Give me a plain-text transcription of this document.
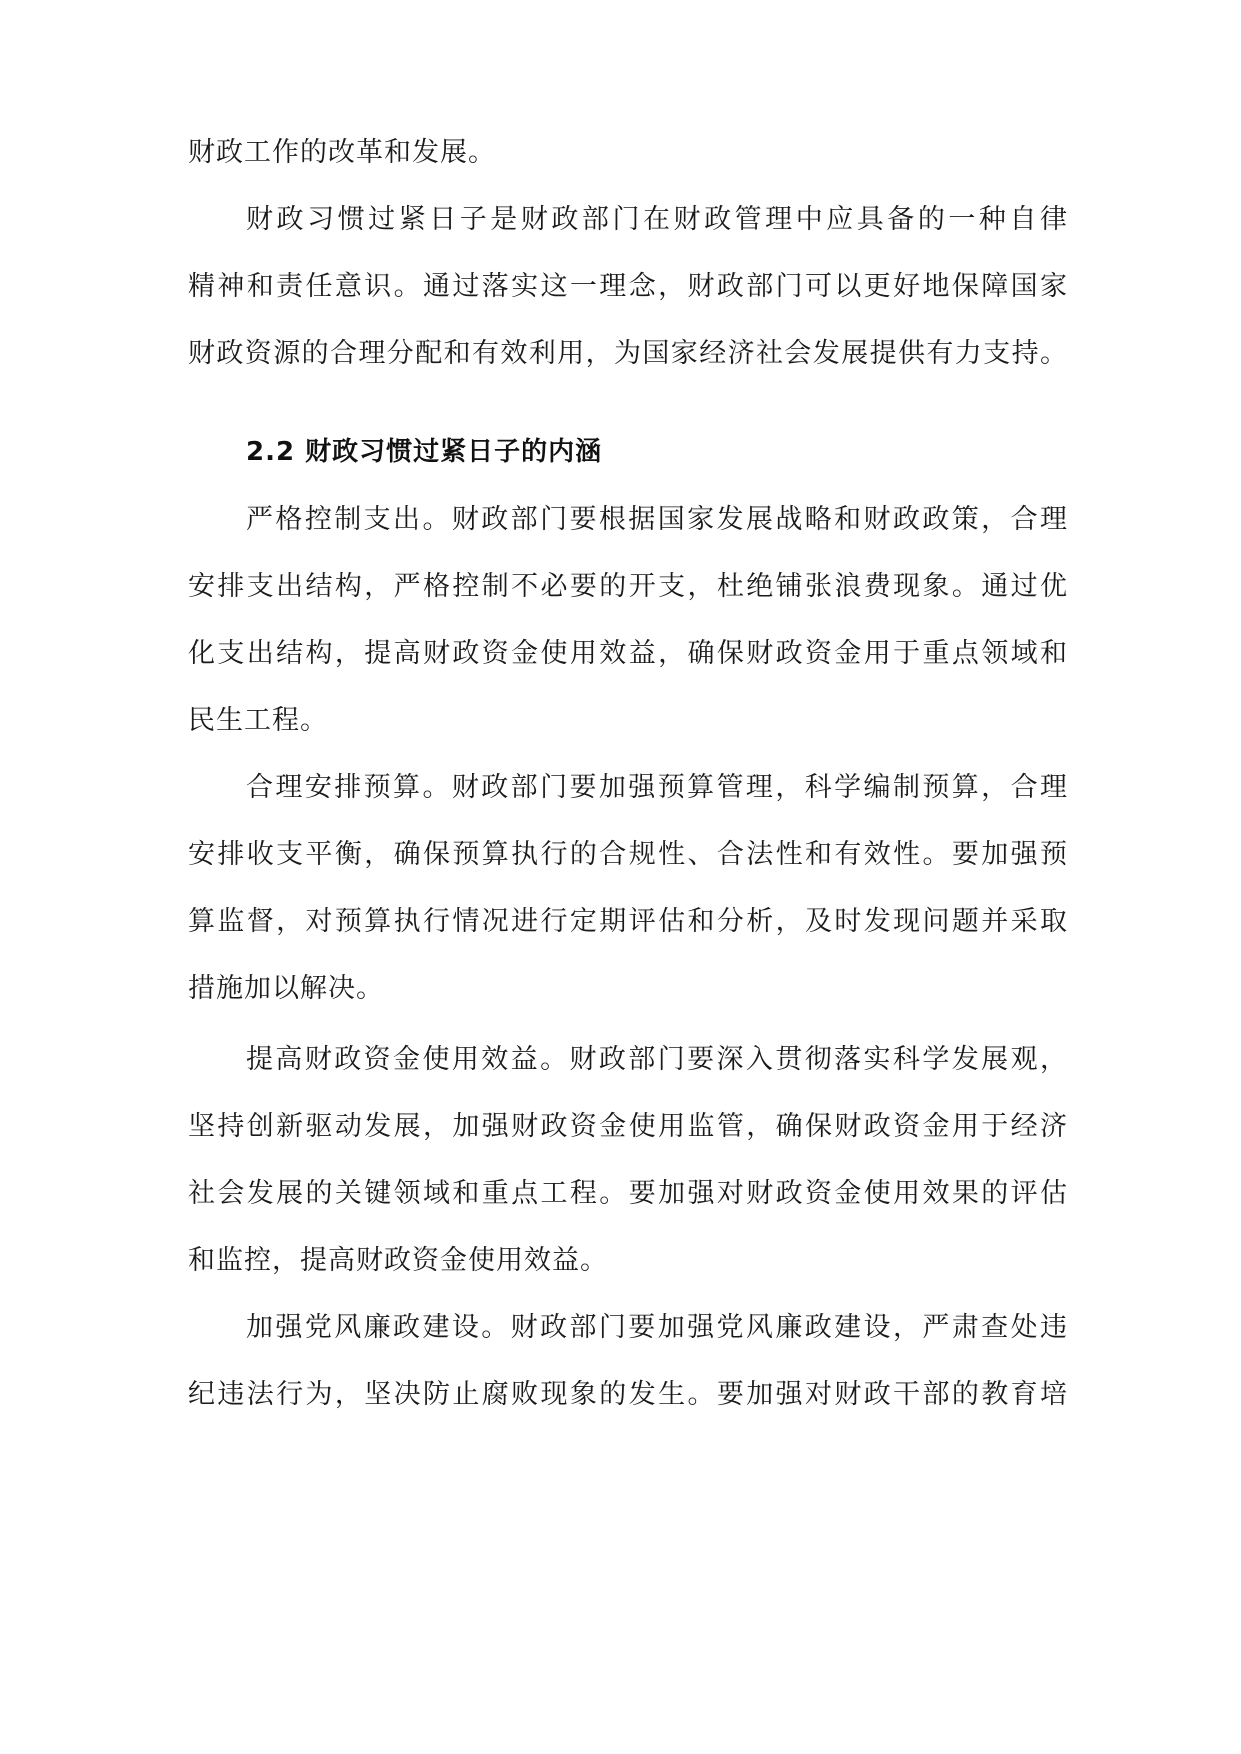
财政工作的改革和发展。
财政习惯过紧日子是财政部门在财政管理中应具备的一种自律
精神和责任意识。通过落实这一理念，财政部门可以更好地保障国家
财政资源的合理分配和有效利用，为国家经济社会发展提供有力支持。
2.2 财政习惯过紧日子的内涵
严格控制支出。财政部门要根据国家发展战略和财政政策，合理
安排支出结构，严格控制不必要的开支，杜绝铺张浪费现象。通过优
化支出结构，提高财政资金使用效益，确保财政资金用于重点领域和
民生工程。
合理安排预算。财政部门要加强预算管理，科学编制预算，合理
安排收支平衡，确保预算执行的合规性、合法性和有效性。要加强预
算监督，对预算执行情况进行定期评估和分析，及时发现问题并采取
措施加以解决。
提高财政资金使用效益。财政部门要深入贯彻落实科学发展观，
坚持创新驱动发展，加强财政资金使用监管，确保财政资金用于经济
社会发展的关键领域和重点工程。要加强对财政资金使用效果的评估
和监控，提高财政资金使用效益。
加强党风廉政建设。财政部门要加强党风廉政建设，严肃查处违
纪违法行为，坚决防止腐败现象的发生。要加强对财政干部的教育培
